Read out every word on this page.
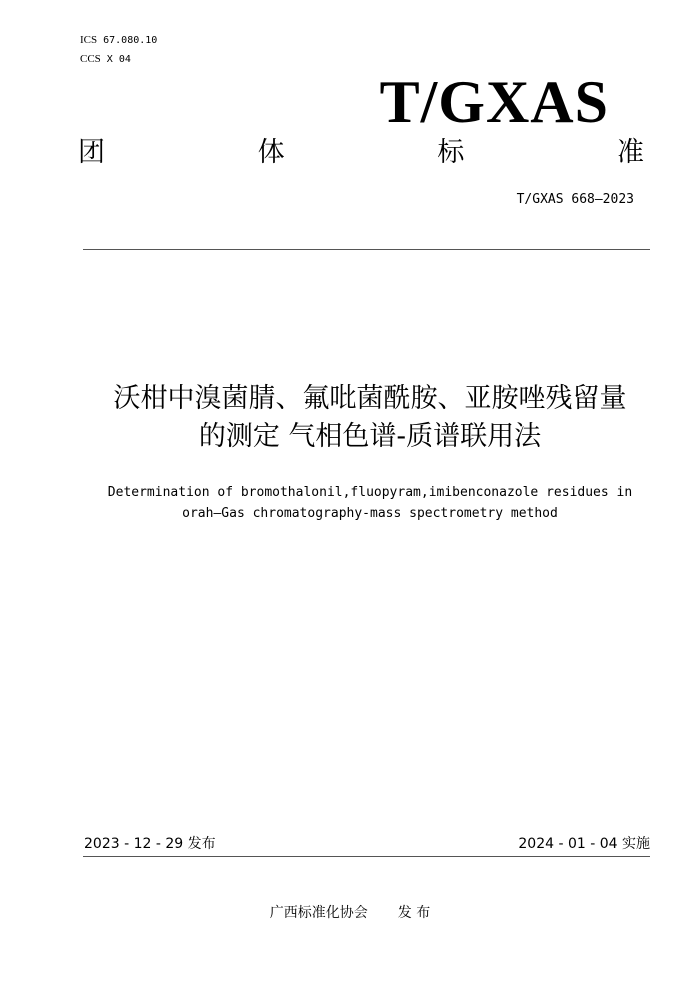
ICS 67.080.10
CCS X 04
T/GXAS
团	体	标	准
T/GXAS 668—2023
沃柑中溴菌腈、氟吡菌酰胺、亚胺唑残留量
的测定 气相色谱-质谱联用法
Determination of bromothalonil,fluopyram,imibenconazole residues in
orah—Gas chromatography-mass spectrometry method
2023 - 12 - 29 发布	2024 - 01 - 04 实施
广西标准化协会 发 布
